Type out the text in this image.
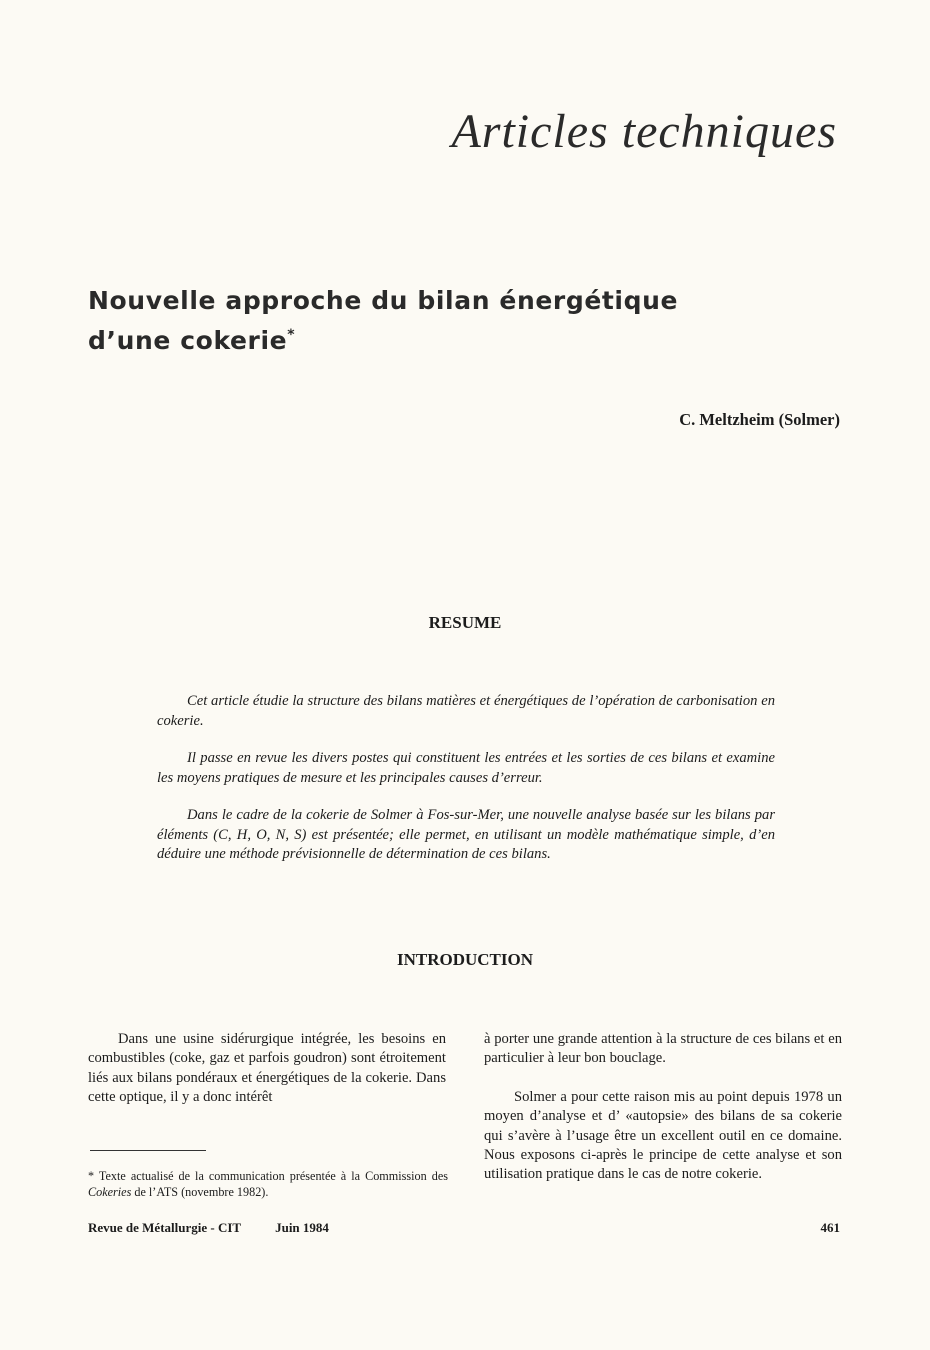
Articles techniques
Nouvelle approche du bilan énergétique
d’une cokerie*
C. Meltzheim (Solmer)
RESUME

Cet article étudie la structure des bilans matières et énergétiques de l’opération de carbonisation en cokerie.

Il passe en revue les divers postes qui constituent les entrées et les sorties de ces bilans et examine les moyens pratiques de mesure et les principales causes d’erreur.

Dans le cadre de la cokerie de Solmer à Fos-sur-Mer, une nouvelle analyse basée sur les bilans par éléments (C, H, O, N, S) est présentée; elle permet, en utilisant un modèle mathématique simple, d’en déduire une méthode prévisionnelle de détermination de ces bilans.

INTRODUCTION

Dans une usine sidérurgique intégrée, les besoins en combustibles (coke, gaz et parfois goudron) sont étroitement liés aux bilans pondéraux et énergétiques de la cokerie. Dans cette optique, il y a donc intérêt

à porter une grande attention à la structure de ces bilans et en particulier à leur bon bouclage.

Solmer a pour cette raison mis au point depuis 1978 un moyen d’analyse et d’ «autopsie» des bilans de sa cokerie qui s’avère à l’usage être un excellent outil en ce domaine. Nous exposons ci-après le principe de cette analyse et son utilisation pratique dans le cas de notre cokerie.

* Texte actualisé de la communication présentée à la Commission des Cokeries de l’ATS (novembre 1982).
Revue de Métallurgie - CIT	Juin 1984	461
